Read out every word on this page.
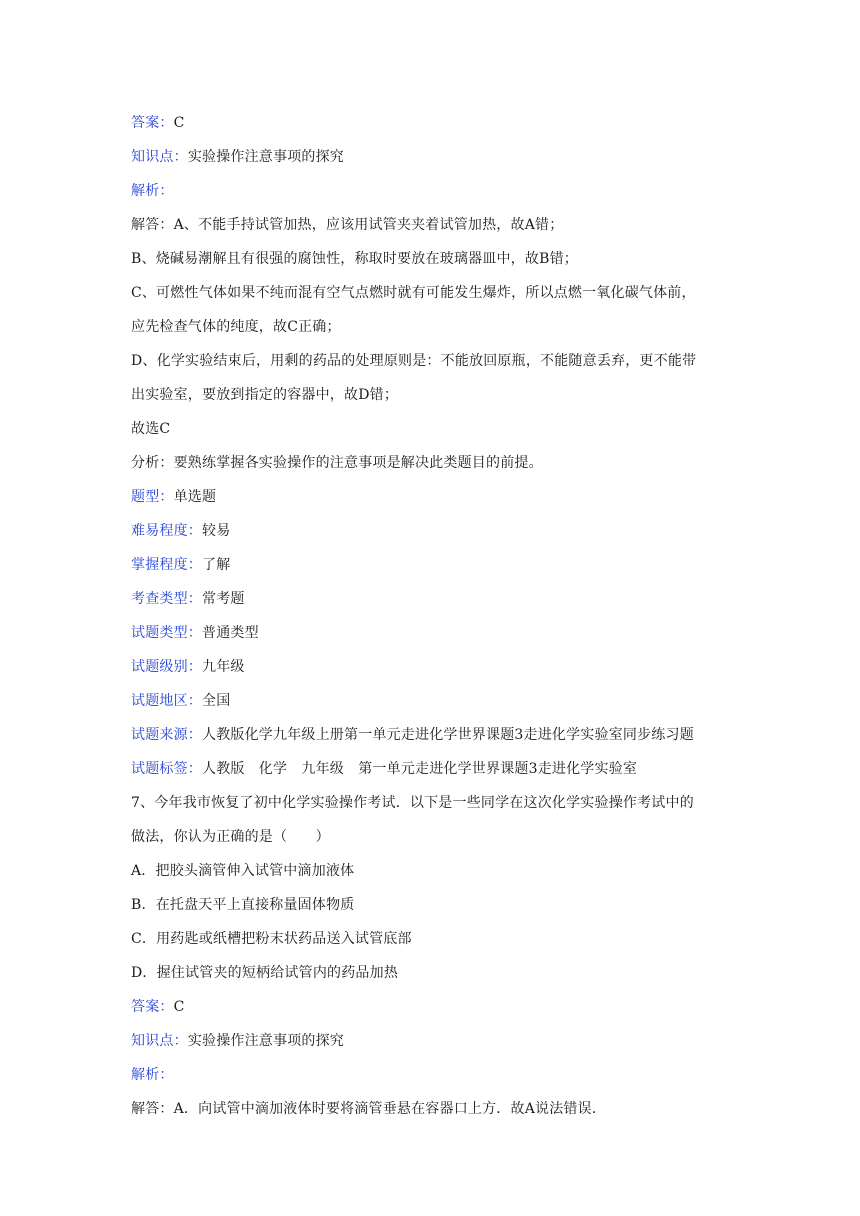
答案：C
知识点：实验操作注意事项的探究
解析：
解答：A、不能手持试管加热，应该用试管夹夹着试管加热，故A错；
B、烧碱易潮解且有很强的腐蚀性，称取时要放在玻璃器皿中，故B错；
C、可燃性气体如果不纯而混有空气点燃时就有可能发生爆炸，所以点燃一氧化碳气体前，
应先检查气体的纯度，故C正确；
D、化学实验结束后，用剩的药品的处理原则是：不能放回原瓶，不能随意丢弃，更不能带
出实验室，要放到指定的容器中，故D错；
故选C
分析：要熟练掌握各实验操作的注意事项是解决此类题目的前提。
题型：单选题
难易程度：较易
掌握程度：了解
考查类型：常考题
试题类型：普通类型
试题级别：九年级
试题地区：全国
试题来源：人教版化学九年级上册第一单元走进化学世界课题3走进化学实验室同步练习题
试题标签：人教版　化学　九年级　第一单元走进化学世界课题3走进化学实验室
7、今年我市恢复了初中化学实验操作考试．以下是一些同学在这次化学实验操作考试中的
做法，你认为正确的是（　　）
A．把胶头滴管伸入试管中滴加液体
B．在托盘天平上直接称量固体物质
C．用药匙或纸槽把粉末状药品送入试管底部
D．握住试管夹的短柄给试管内的药品加热
答案：C
知识点：实验操作注意事项的探究
解析：
解答：A．向试管中滴加液体时要将滴管垂悬在容器口上方．故A说法错误．
